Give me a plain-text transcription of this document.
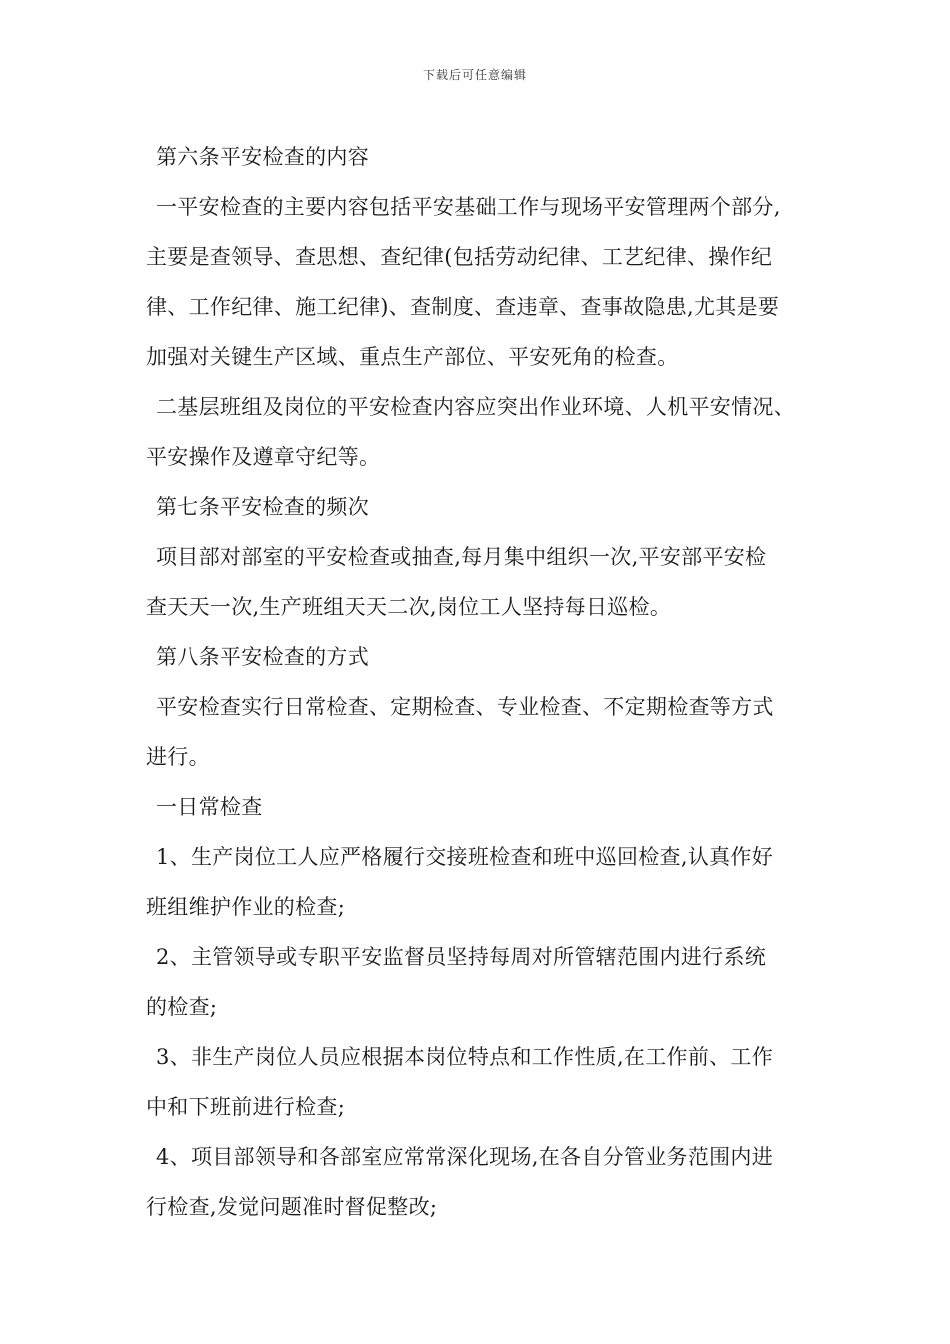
下载后可任意编辑
第六条平安检查的内容
一平安检查的主要内容包括平安基础工作与现场平安管理两个部分,
主要是查领导、查思想、查纪律(包括劳动纪律、工艺纪律、操作纪
律、工作纪律、施工纪律)、查制度、查违章、查事故隐患,尤其是要
加强对关键生产区域、重点生产部位、平安死角的检查。
二基层班组及岗位的平安检查内容应突出作业环境、人机平安情况、
平安操作及遵章守纪等。
第七条平安检查的频次
项目部对部室的平安检查或抽查,每月集中组织一次,平安部平安检
查天天一次,生产班组天天二次,岗位工人坚持每日巡检。
第八条平安检查的方式
平安检查实行日常检查、定期检查、专业检查、不定期检查等方式
进行。
一日常检查
1、生产岗位工人应严格履行交接班检查和班中巡回检查,认真作好
班组维护作业的检查;
2、主管领导或专职平安监督员坚持每周对所管辖范围内进行系统
的检查;
3、非生产岗位人员应根据本岗位特点和工作性质,在工作前、工作
中和下班前进行检查;
4、项目部领导和各部室应常常深化现场,在各自分管业务范围内进
行检查,发觉问题准时督促整改;
